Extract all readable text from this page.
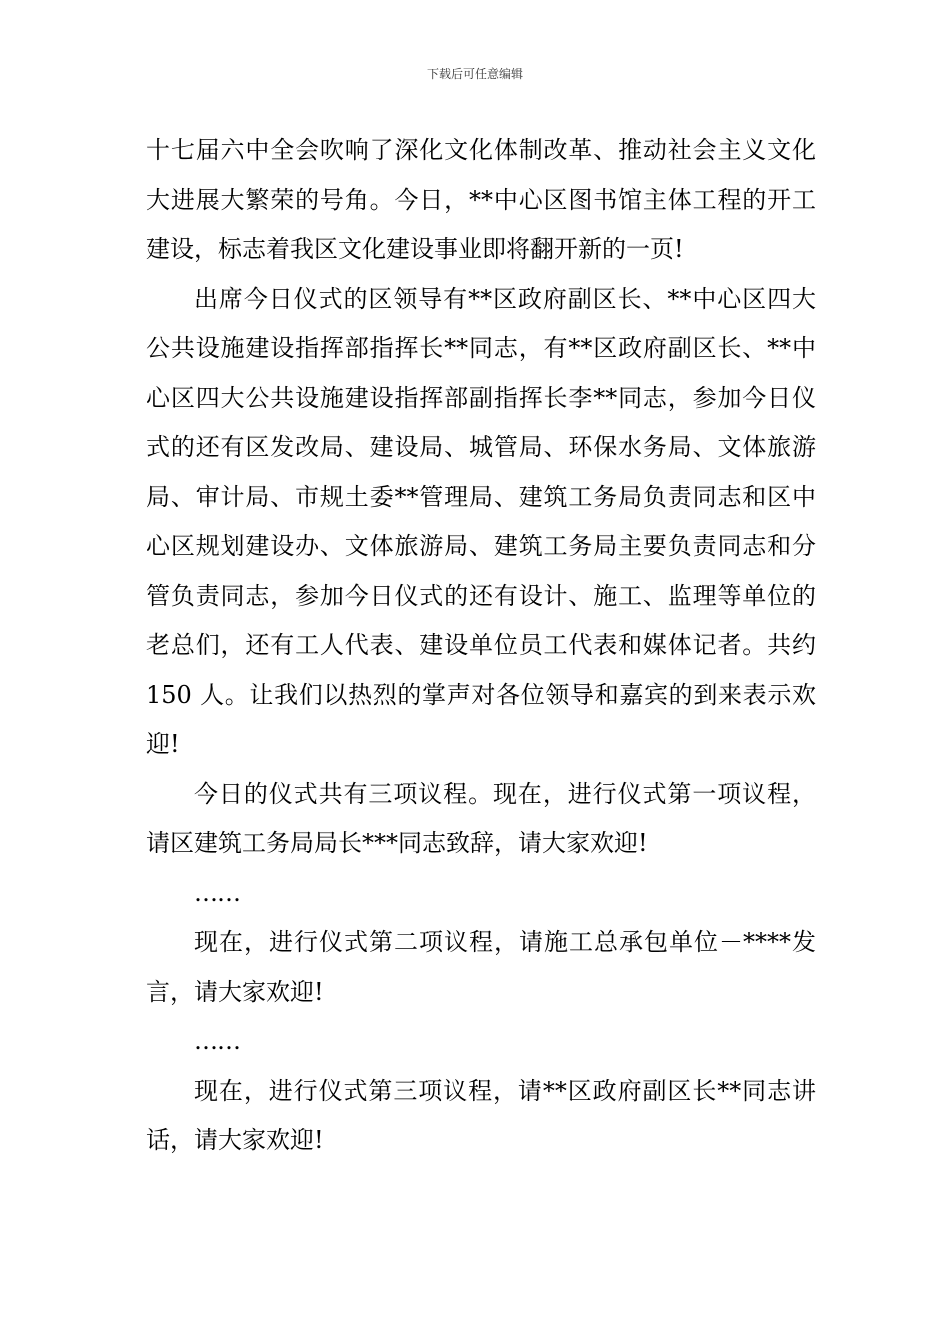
下载后可任意编辑

十七届六中全会吹响了深化文化体制改革、推动社会主义文化大进展大繁荣的号角。今日，**中心区图书馆主体工程的开工建设，标志着我区文化建设事业即将翻开新的一页!

出席今日仪式的区领导有**区政府副区长、**中心区四大公共设施建设指挥部指挥长**同志，有**区政府副区长、**中心区四大公共设施建设指挥部副指挥长李**同志，参加今日仪式的还有区发改局、建设局、城管局、环保水务局、文体旅游局、审计局、市规土委**管理局、建筑工务局负责同志和区中心区规划建设办、文体旅游局、建筑工务局主要负责同志和分管负责同志，参加今日仪式的还有设计、施工、监理等单位的老总们，还有工人代表、建设单位员工代表和媒体记者。共约 150 人。让我们以热烈的掌声对各位领导和嘉宾的到来表示欢迎!

今日的仪式共有三项议程。现在，进行仪式第一项议程，请区建筑工务局局长***同志致辞，请大家欢迎!

……

现在，进行仪式第二项议程，请施工总承包单位－****发言，请大家欢迎!

……

现在，进行仪式第三项议程，请**区政府副区长**同志讲话，请大家欢迎!
